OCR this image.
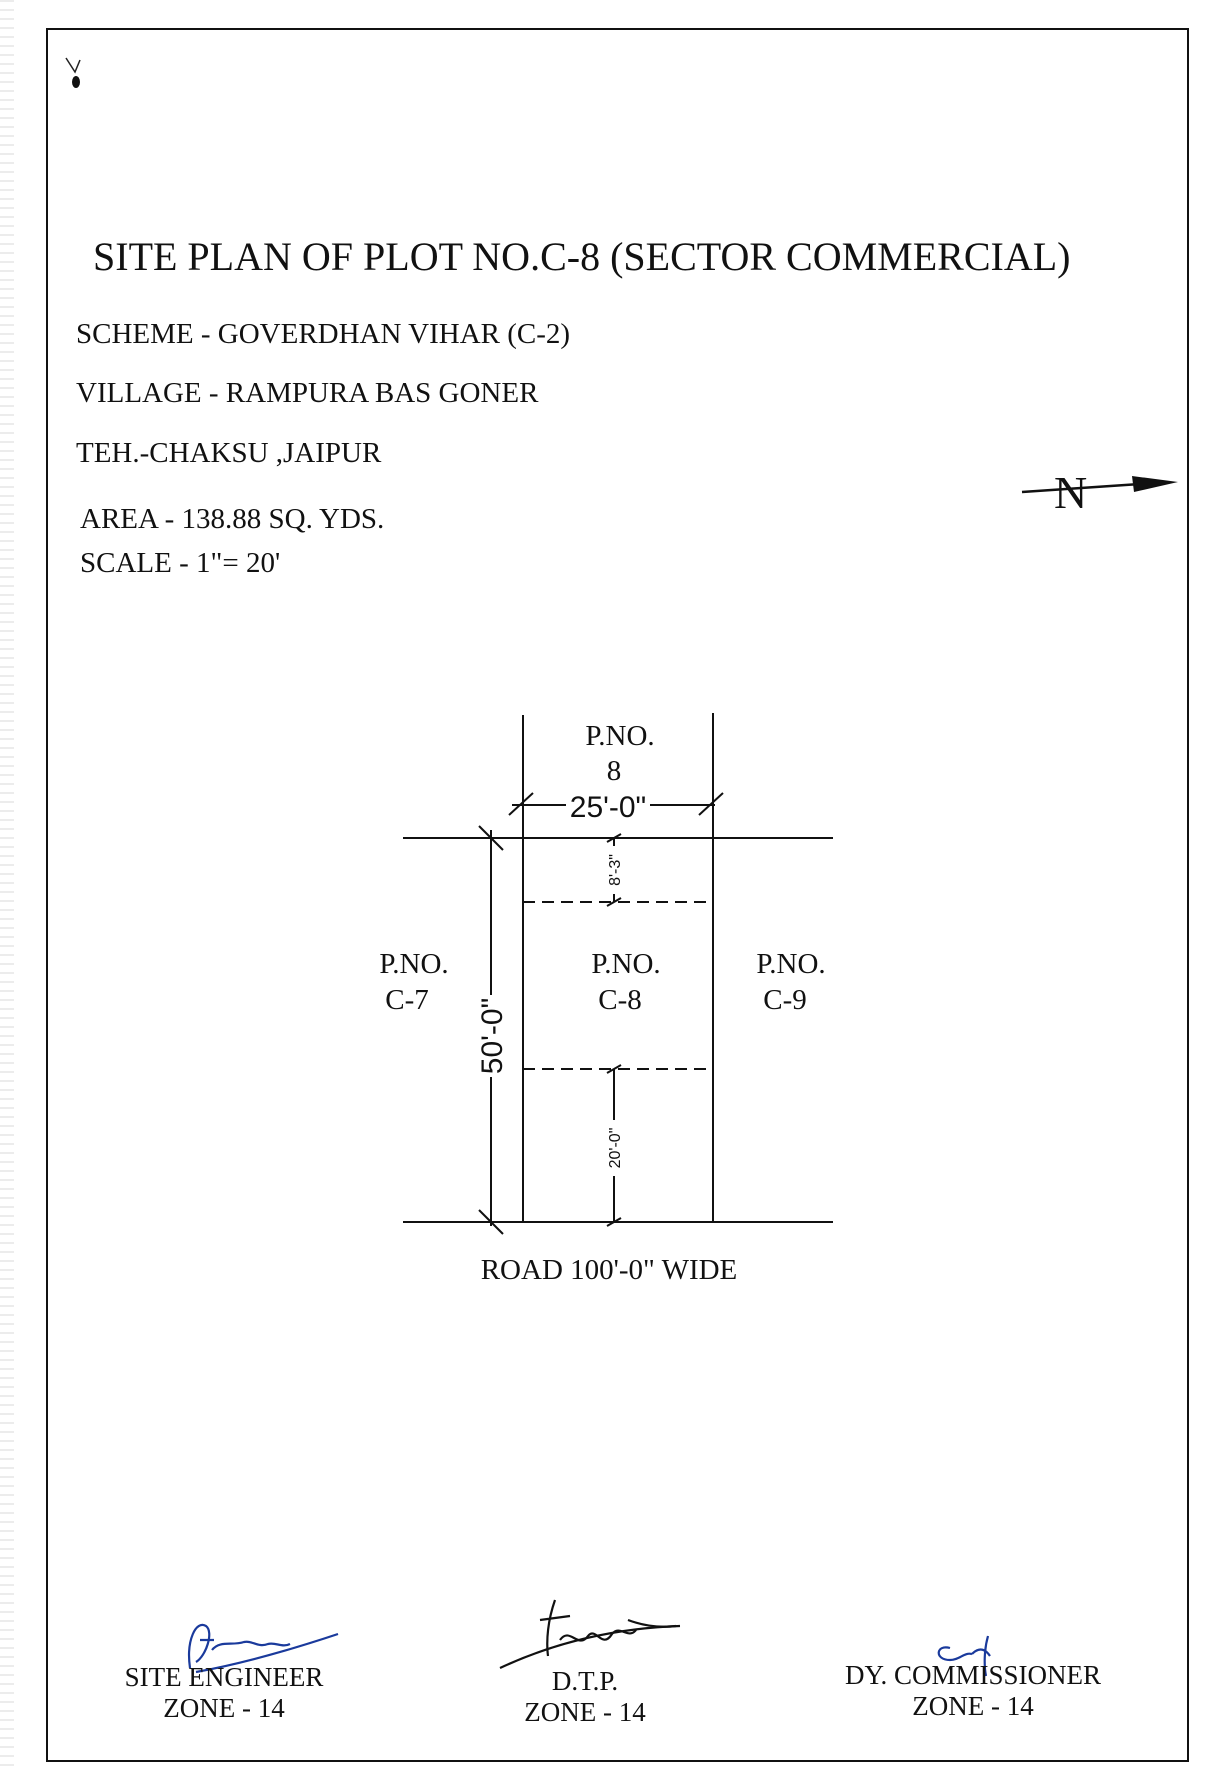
SITE PLAN OF PLOT NO.C-8 (SECTOR COMMERCIAL)
SCHEME - GOVERDHAN VIHAR (C-2)
VILLAGE - RAMPURA BAS GONER
TEH.-CHAKSU ,JAIPUR
AREA - 138.88 SQ. YDS.
SCALE - 1"= 20'
N
25'-0"
50'-0"
8'-3"
20'-0"
P.NO.
8
P.NO.
C-7
P.NO.
C-8
P.NO.
C-9
ROAD 100'-0" WIDE
SITE ENGINEER
ZONE - 14
D.T.P.
ZONE - 14
DY. COMMISSIONER
ZONE - 14
